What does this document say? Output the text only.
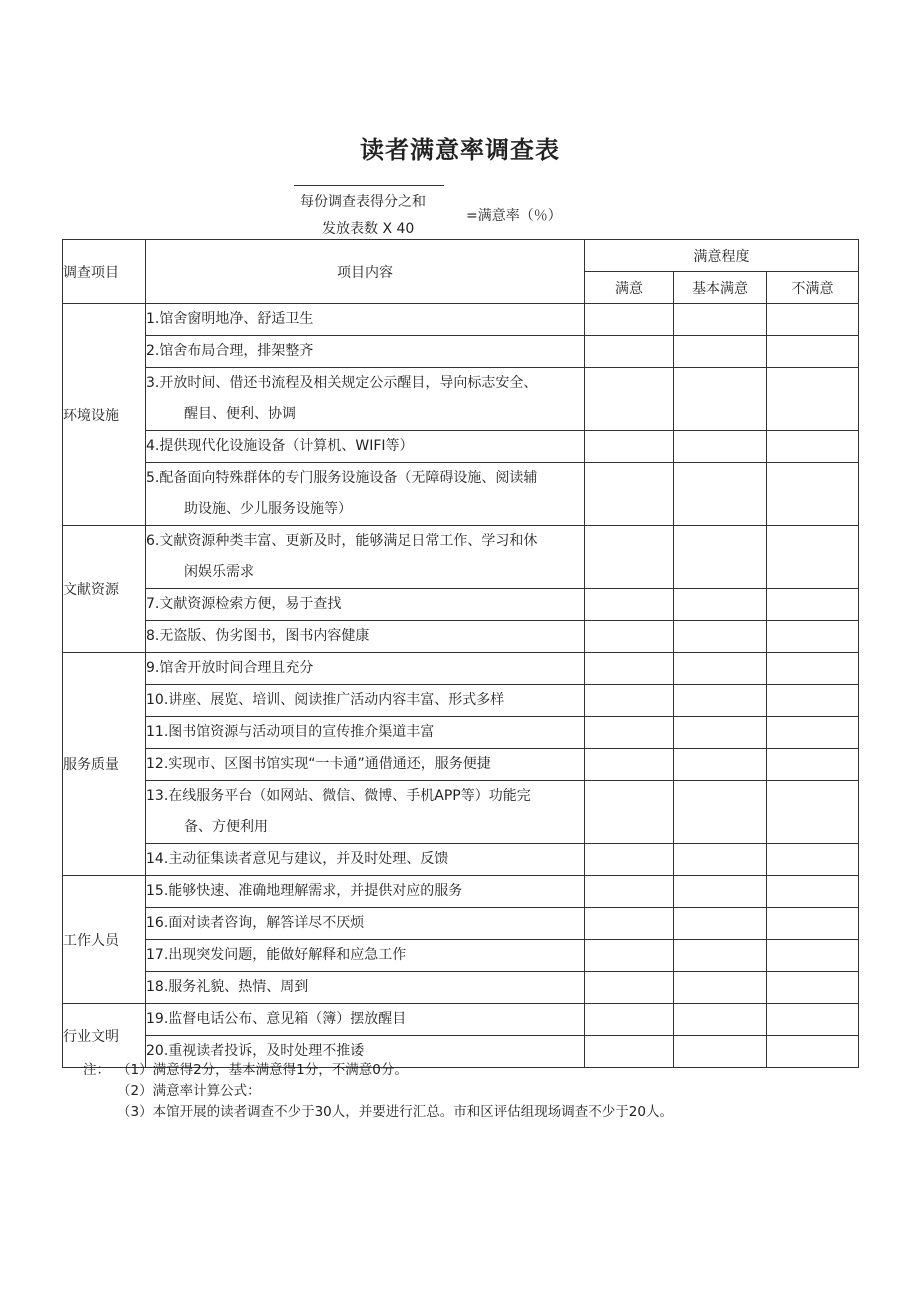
读者满意率调查表
每份调查表得分之和
发放表数 X 40
=满意率（％）
调查项目	项目内容	满意程度		
		满意	基本满意	不满意
环境设施	1.馆舍窗明地净、舒适卫生			
	2.馆舍布局合理，排架整齐			
	3.开放时间、借还书流程及相关规定公示醒目，导向标志安全、
醒目、便利、协调			

	4.提供现代化设施设备（计算机、WIFI等）			
	5.配备面向特殊群体的专门服务设施设备（无障碍设施、阅读辅
助设施、少儿服务设施等）			

文献资源	6.文献资源种类丰富、更新及时，能够满足日常工作、学习和休
闲娱乐需求			

	7.文献资源检索方便，易于查找			
	8.无盗版、伪劣图书，图书内容健康			
服务质量	9.馆舍开放时间合理且充分			
	10.讲座、展览、培训、阅读推广活动内容丰富、形式多样			
	11.图书馆资源与活动项目的宣传推介渠道丰富			
	12.实现市、区图书馆实现“一卡通”通借通还，服务便捷			
	13.在线服务平台（如网站、微信、微博、手机APP等）功能完
备、方便利用			

	14.主动征集读者意见与建议，并及时处理、反馈			
工作人员	15.能够快速、准确地理解需求，并提供对应的服务			
	16.面对读者咨询，解答详尽不厌烦			
	17.出现突发问题，能做好解释和应急工作			
	18.服务礼貌、热情、周到			
行业文明	19.监督电话公布、意见箱（簿）摆放醒目			
	20.重视读者投诉，及时处理不推诿			
注： （1）满意得2分，基本满意得1分，不满意0分。
（2）满意率计算公式：
（3）本馆开展的读者调查不少于30人，并要进行汇总。市和区评估组现场调查不少于20人。
